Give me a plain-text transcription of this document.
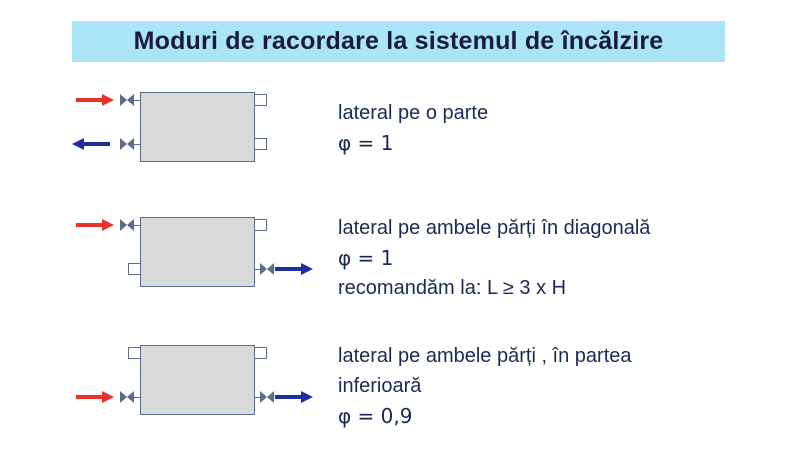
Moduri de racordare la sistemul de încălzire
lateral pe o parte
φ = 1
lateral pe ambele părți în diagonală
φ = 1
recomandăm la: L ≥ 3 x H
lateral pe ambele părți , în partea
inferioară
φ = 0,9
